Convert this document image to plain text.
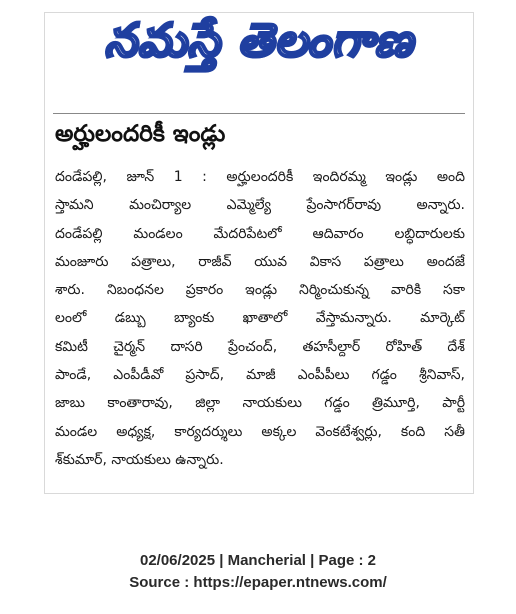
నమస్తే తెలంగాణ
అర్హులందరికీ ఇండ్లు
దండేపల్లి, జూన్ 1 : అర్హులందరికీ ఇందిరమ్మ ఇండ్లు అంది
స్తామని మంచిర్యాల ఎమ్మెల్యే ప్రేంసాగర్‌రావు అన్నారు.
దండేపల్లి మండలం మేదరిపేటలో ఆదివారం లబ్ధిదారులకు
మంజూరు పత్రాలు, రాజీవ్ యువ వికాస పత్రాలు అందజే
శారు. నిబంధనల ప్రకారం ఇండ్లు నిర్మించుకున్న వారికి సకా
లంలో డబ్బు బ్యాంకు ఖాతాలో వేస్తామన్నారు. మార్కెట్
కమిటీ చైర్మన్ దాసరి ప్రేంచంద్, తహసీల్దార్ రోహిత్ దేశ్
పాండే, ఎంపీడీవో ప్రసాద్, మాజీ ఎంపీపీలు గడ్డం శ్రీనివాస్,
జాబు కాంతారావు, జిల్లా నాయకులు గడ్డం త్రిమూర్తి, పార్టీ
మండల అధ్యక్ష, కార్యదర్శులు అక్కల వెంకటేశ్వర్లు, కంది సతీ
శ్‌కుమార్, నాయకులు ఉన్నారు.
02/06/2025 | Mancherial | Page : 2
Source : https://epaper.ntnews.com/
